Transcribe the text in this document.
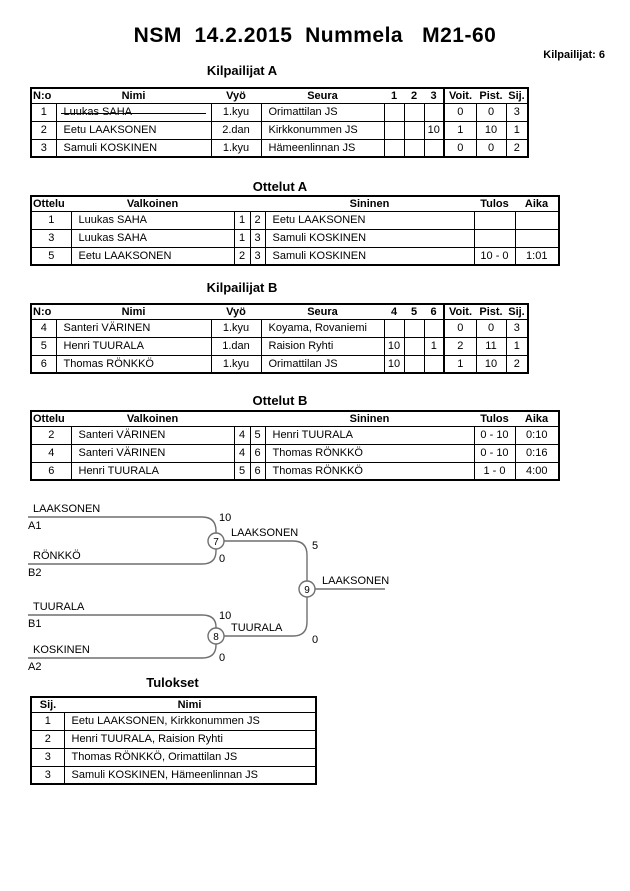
NSM  14.2.2015  Nummela   M21-60
Kilpailijat: 6
Kilpailijat A
N:o	Nimi	Vyö	Seura	1	2	3	Voit.	Pist.	Sij.
1	Luukas SAHA	1.kyu	Orimattilan JS				0	0	3
2	Eetu LAAKSONEN	2.dan	Kirkkonummen JS			10	1	10	1
3	Samuli KOSKINEN	1.kyu	Hämeenlinnan JS				0	0	2
Ottelut A
Ottelu	Valkoinen			Sininen	Tulos	Aika
1	Luukas SAHA	1	2	Eetu LAAKSONEN		
3	Luukas SAHA	1	3	Samuli KOSKINEN		
5	Eetu LAAKSONEN	2	3	Samuli KOSKINEN	10 - 0	1:01
Kilpailijat B
N:o	Nimi	Vyö	Seura	4	5	6	Voit.	Pist.	Sij.
4	Santeri VÄRINEN	1.kyu	Koyama, Rovaniemi				0	0	3
5	Henri TUURALA	1.dan	Raision Ryhti	10		1	2	11	1
6	Thomas RÖNKKÖ	1.kyu	Orimattilan JS	10			1	10	2
Ottelut B
Ottelu	Valkoinen			Sininen	Tulos	Aika
2	Santeri VÄRINEN	4	5	Henri TUURALA	0 - 10	0:10
4	Santeri VÄRINEN	4	6	Thomas RÖNKKÖ	0 - 10	0:16
6	Henri TUURALA	5	6	Thomas RÖNKKÖ	1 - 0	4:00
7
8
9
LAAKSONEN
A1
10
RÖNKKÖ
B2
0
TUURALA
B1
10
KOSKINEN
A2
0
LAAKSONEN
5
TUURALA
0
LAAKSONEN
Tulokset
Sij.	Nimi
1	Eetu LAAKSONEN, Kirkkonummen JS
2	Henri TUURALA, Raision Ryhti
3	Thomas RÖNKKÖ, Orimattilan JS
3	Samuli KOSKINEN, Hämeenlinnan JS
